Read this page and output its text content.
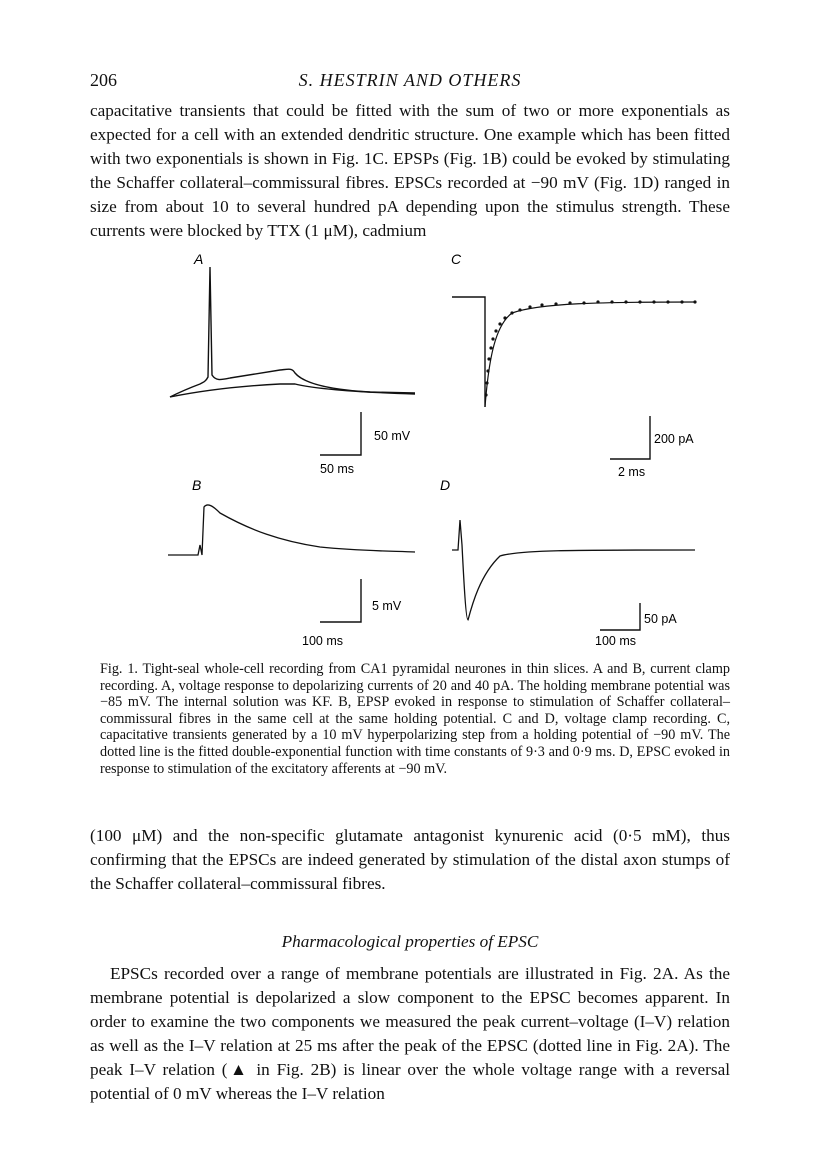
206	S. HESTRIN AND OTHERS

capacitative transients that could be fitted with the sum of two or more exponentials as expected for a cell with an extended dendritic structure. One example which has been fitted with two exponentials is shown in Fig. 1C. EPSPs (Fig. 1B) could be evoked by stimulating the Schaffer collateral–commissural fibres. EPSCs recorded at −90 mV (Fig. 1D) ranged in size from about 10 to several hundred pA depending upon the stimulus strength. These currents were blocked by TTX (1 μM), cadmium

A	C
B	D
50 mV
50 ms
200 pA
2 ms
5 mV
100 ms
50 pA
100 ms

Fig. 1. Tight-seal whole-cell recording from CA1 pyramidal neurones in thin slices. A and B, current clamp recording. A, voltage response to depolarizing currents of 20 and 40 pA. The holding membrane potential was −85 mV. The internal solution was KF. B, EPSP evoked in response to stimulation of Schaffer collateral–commissural fibres in the same cell at the same holding potential. C and D, voltage clamp recording. C, capacitative transients generated by a 10 mV hyperpolarizing step from a holding potential of −90 mV. The dotted line is the fitted double-exponential function with time constants of 9·3 and 0·9 ms. D, EPSC evoked in response to stimulation of the excitatory afferents at −90 mV.

(100 μM) and the non-specific glutamate antagonist kynurenic acid (0·5 mM), thus confirming that the EPSCs are indeed generated by stimulation of the distal axon stumps of the Schaffer collateral–commissural fibres.

Pharmacological properties of EPSC

EPSCs recorded over a range of membrane potentials are illustrated in Fig. 2A. As the membrane potential is depolarized a slow component to the EPSC becomes apparent. In order to examine the two components we measured the peak current–voltage (I–V) relation as well as the I–V relation at 25 ms after the peak of the EPSC (dotted line in Fig. 2A). The peak I–V relation (▲ in Fig. 2B) is linear over the whole voltage range with a reversal potential of 0 mV whereas the I–V relation
